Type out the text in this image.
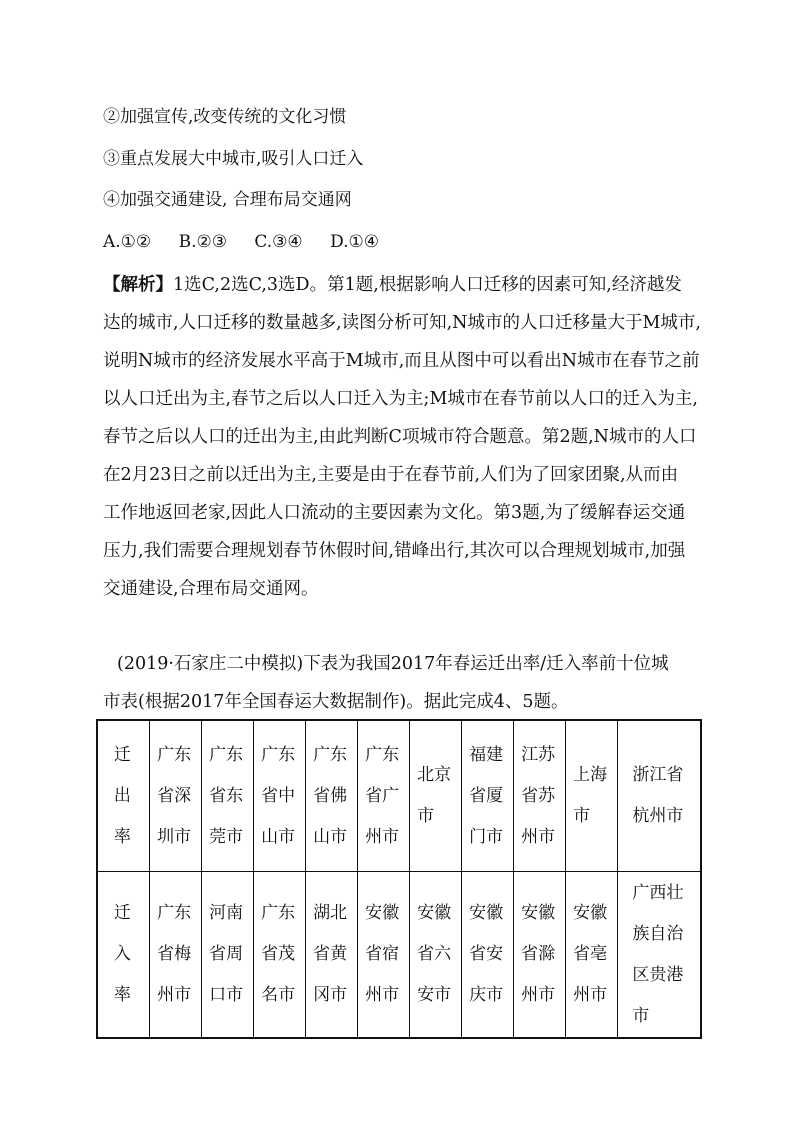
②加强宣传,改变传统的文化习惯
③重点发展大中城市,吸引人口迁入
④加强交通建设, 合理布局交通网
A.①② B.②③ C.③④ D.①④
【解析】1选C,2选C,3选D。第1题,根据影响人口迁移的因素可知,经济越发
达的城市,人口迁移的数量越多,读图分析可知,N城市的人口迁移量大于M城市,
说明N城市的经济发展水平高于M城市,而且从图中可以看出N城市在春节之前
以人口迁出为主,春节之后以人口迁入为主;M城市在春节前以人口的迁入为主,
春节之后以人口的迁出为主,由此判断C项城市符合题意。第2题,N城市的人口
在2月23日之前以迁出为主,主要是由于在春节前,人们为了回家团聚,从而由
工作地返回老家,因此人口流动的主要因素为文化。第3题,为了缓解春运交通
压力,我们需要合理规划春节休假时间,错峰出行,其次可以合理规划城市,加强
交通建设,合理布局交通网。
(2019·石家庄二中模拟)下表为我国2017年春运迁出率/迁入率前十位城
市表(根据2017年全国春运大数据制作)。据此完成4、5题。
迁出率	广东省深圳市	广东省东莞市	广东省中山市	广东省佛山市	广东省广州市	北京市	福建省厦门市	江苏省苏州市	上海市	浙江省杭州市
迁入率	广东省梅州市	河南省周口市	广东省茂名市	湖北省黄冈市	安徽省宿州市	安徽省六安市	安徽省安庆市	安徽省滁州市	安徽省亳州市	广西壮族自治区贵港市
